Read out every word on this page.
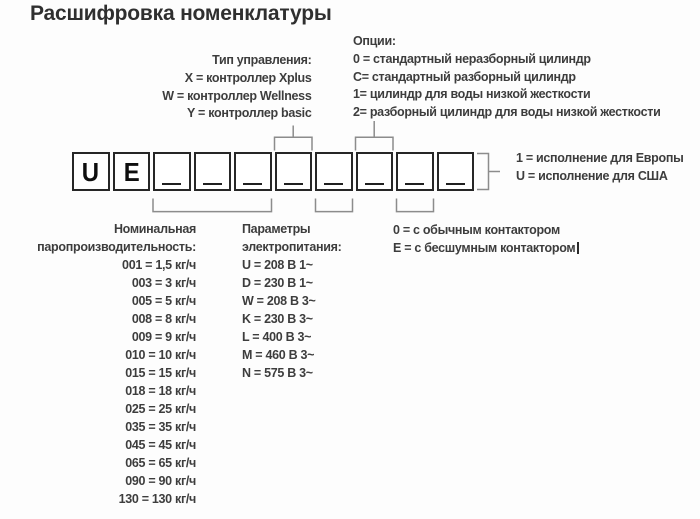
Расшифровка номенклатуры
Тип управления:
X = контроллер Xplus
W = контроллер Wellness
Y = контроллер basic
Опции:
0 = стандартный неразборный цилиндр
C= стандартный разборный цилиндр
1= цилиндр для воды низкой жесткости
2= разборный цилиндр для воды низкой жесткости
U E	1 = исполнение для Европы
U = исполнение для США
Номинальная
паропроизводительность:
001 = 1,5 кг/ч
003 = 3 кг/ч
005 = 5 кг/ч
008 = 8 кг/ч
009 = 9 кг/ч
010 = 10 кг/ч
015 = 15 кг/ч
018 = 18 кг/ч
025 = 25 кг/ч
035 = 35 кг/ч
045 = 45 кг/ч
065 = 65 кг/ч
090 = 90 кг/ч
130 = 130 кг/ч
Параметры
электропитания:
U = 208 В 1~
D = 230 В 1~
W = 208 В 3~
K = 230 В 3~
L = 400 В 3~
M = 460 В 3~
N = 575 В 3~
0 = с обычным контактором
E = с бесшумным контактором
